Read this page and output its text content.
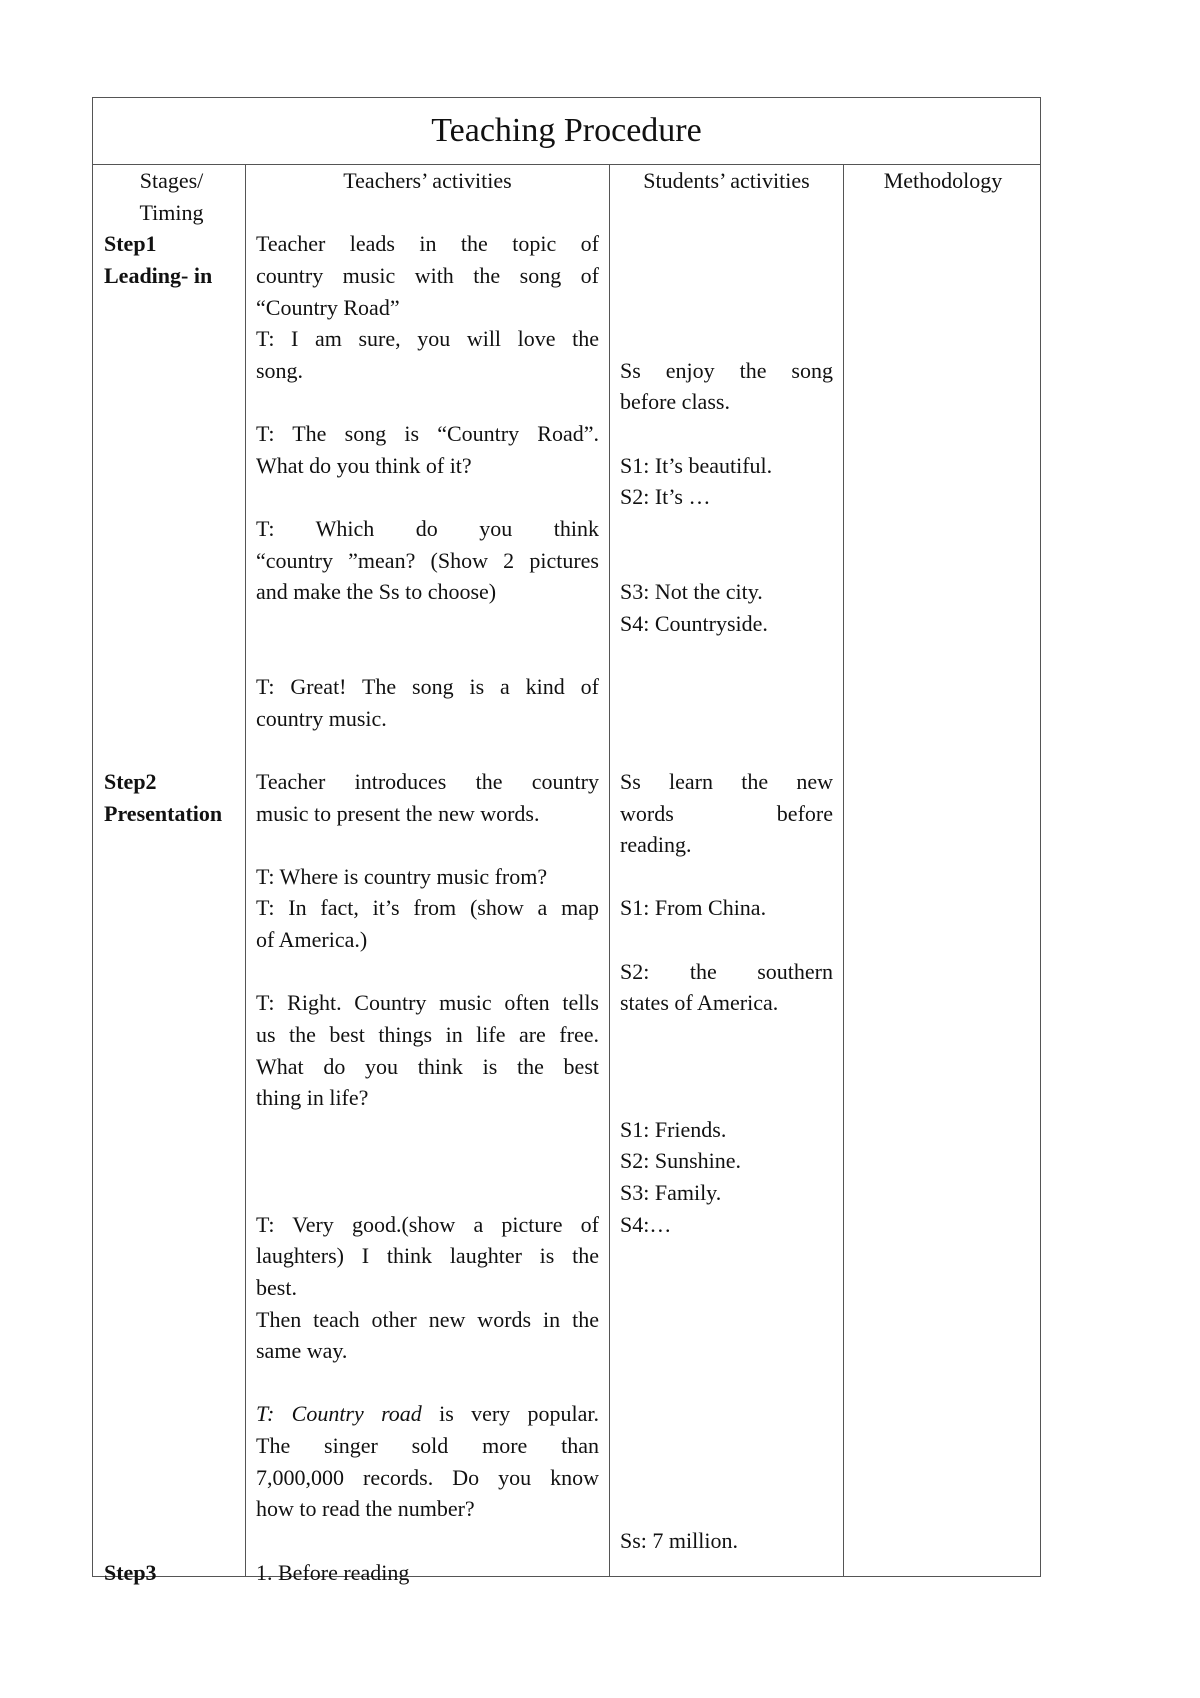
Teaching Procedure
Stages/
Timing
Step1
Leading- in
Step2
Presentation
Step3
Teachers’ activities
Teacher leads in the topic of
country music with the song of
“Country Road”
T: I am sure, you will love the
song.
T: The song is “Country Road”.
What do you think of it?
T: Which do you think
“country ”mean? (Show 2 pictures
and make the Ss to choose)
T: Great! The song is a kind of
country music.
Teacher introduces the country
music to present the new words.
T: Where is country music from?
T: In fact, it’s from (show a map
of America.)
T: Right. Country music often tells
us the best things in life are free.
What do you think is the best
thing in life?
T: Very good.(show a picture of
laughters) I think laughter is the
best.
Then teach other new words in the
same way.
T: Country road is very popular.
The singer sold more than
7,000,000 records. Do you know
how to read the number?
1. Before reading
Students’ activities
Ss enjoy the song
before class.
S1: It’s beautiful.
S2: It’s …
S3: Not the city.
S4: Countryside.
Ss learn the new
words before
reading.
S1: From China.
S2: the southern
states of America.
S1: Friends.
S2: Sunshine.
S3: Family.
S4:…
Ss: 7 million.
Methodology
